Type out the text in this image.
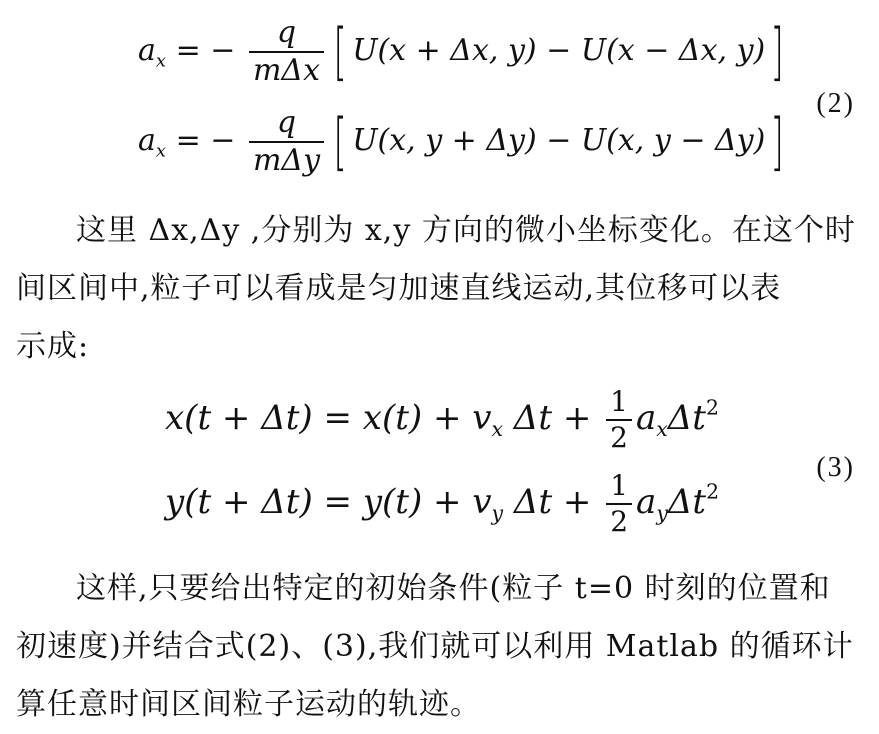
$a_x$ = − $\frac{q}{\text{mΔx}}$ [ U(x + Δx, y) − U(x − Δx, y)]
$a_x$ = − $\frac{q}{\text{mΔy}}$ [ U(x, y + Δy) − U(x, y − Δy)]
(2)
这里 Δx,Δy ,分别为 x,y 方向的微小坐标变化。在这个时
间区间中,粒子可以看成是匀加速直线运动,其位移可以表
示成:
$x(t + \Delta t) = x(t) + v_x$ $\Delta t + \frac{1}{2} a_x\Delta t^2$
$y(t + \Delta t) = y(t) + v_y$ $\Delta t + \frac{1}{2} a_y\Delta t^2$
(3)
这样,只要给出特定的初始条件(粒子 t=0 时刻的位置和
初速度)并结合式(2)、(3),我们就可以利用 Matlab 的循环计
算任意时间区间粒子运动的轨迹。
